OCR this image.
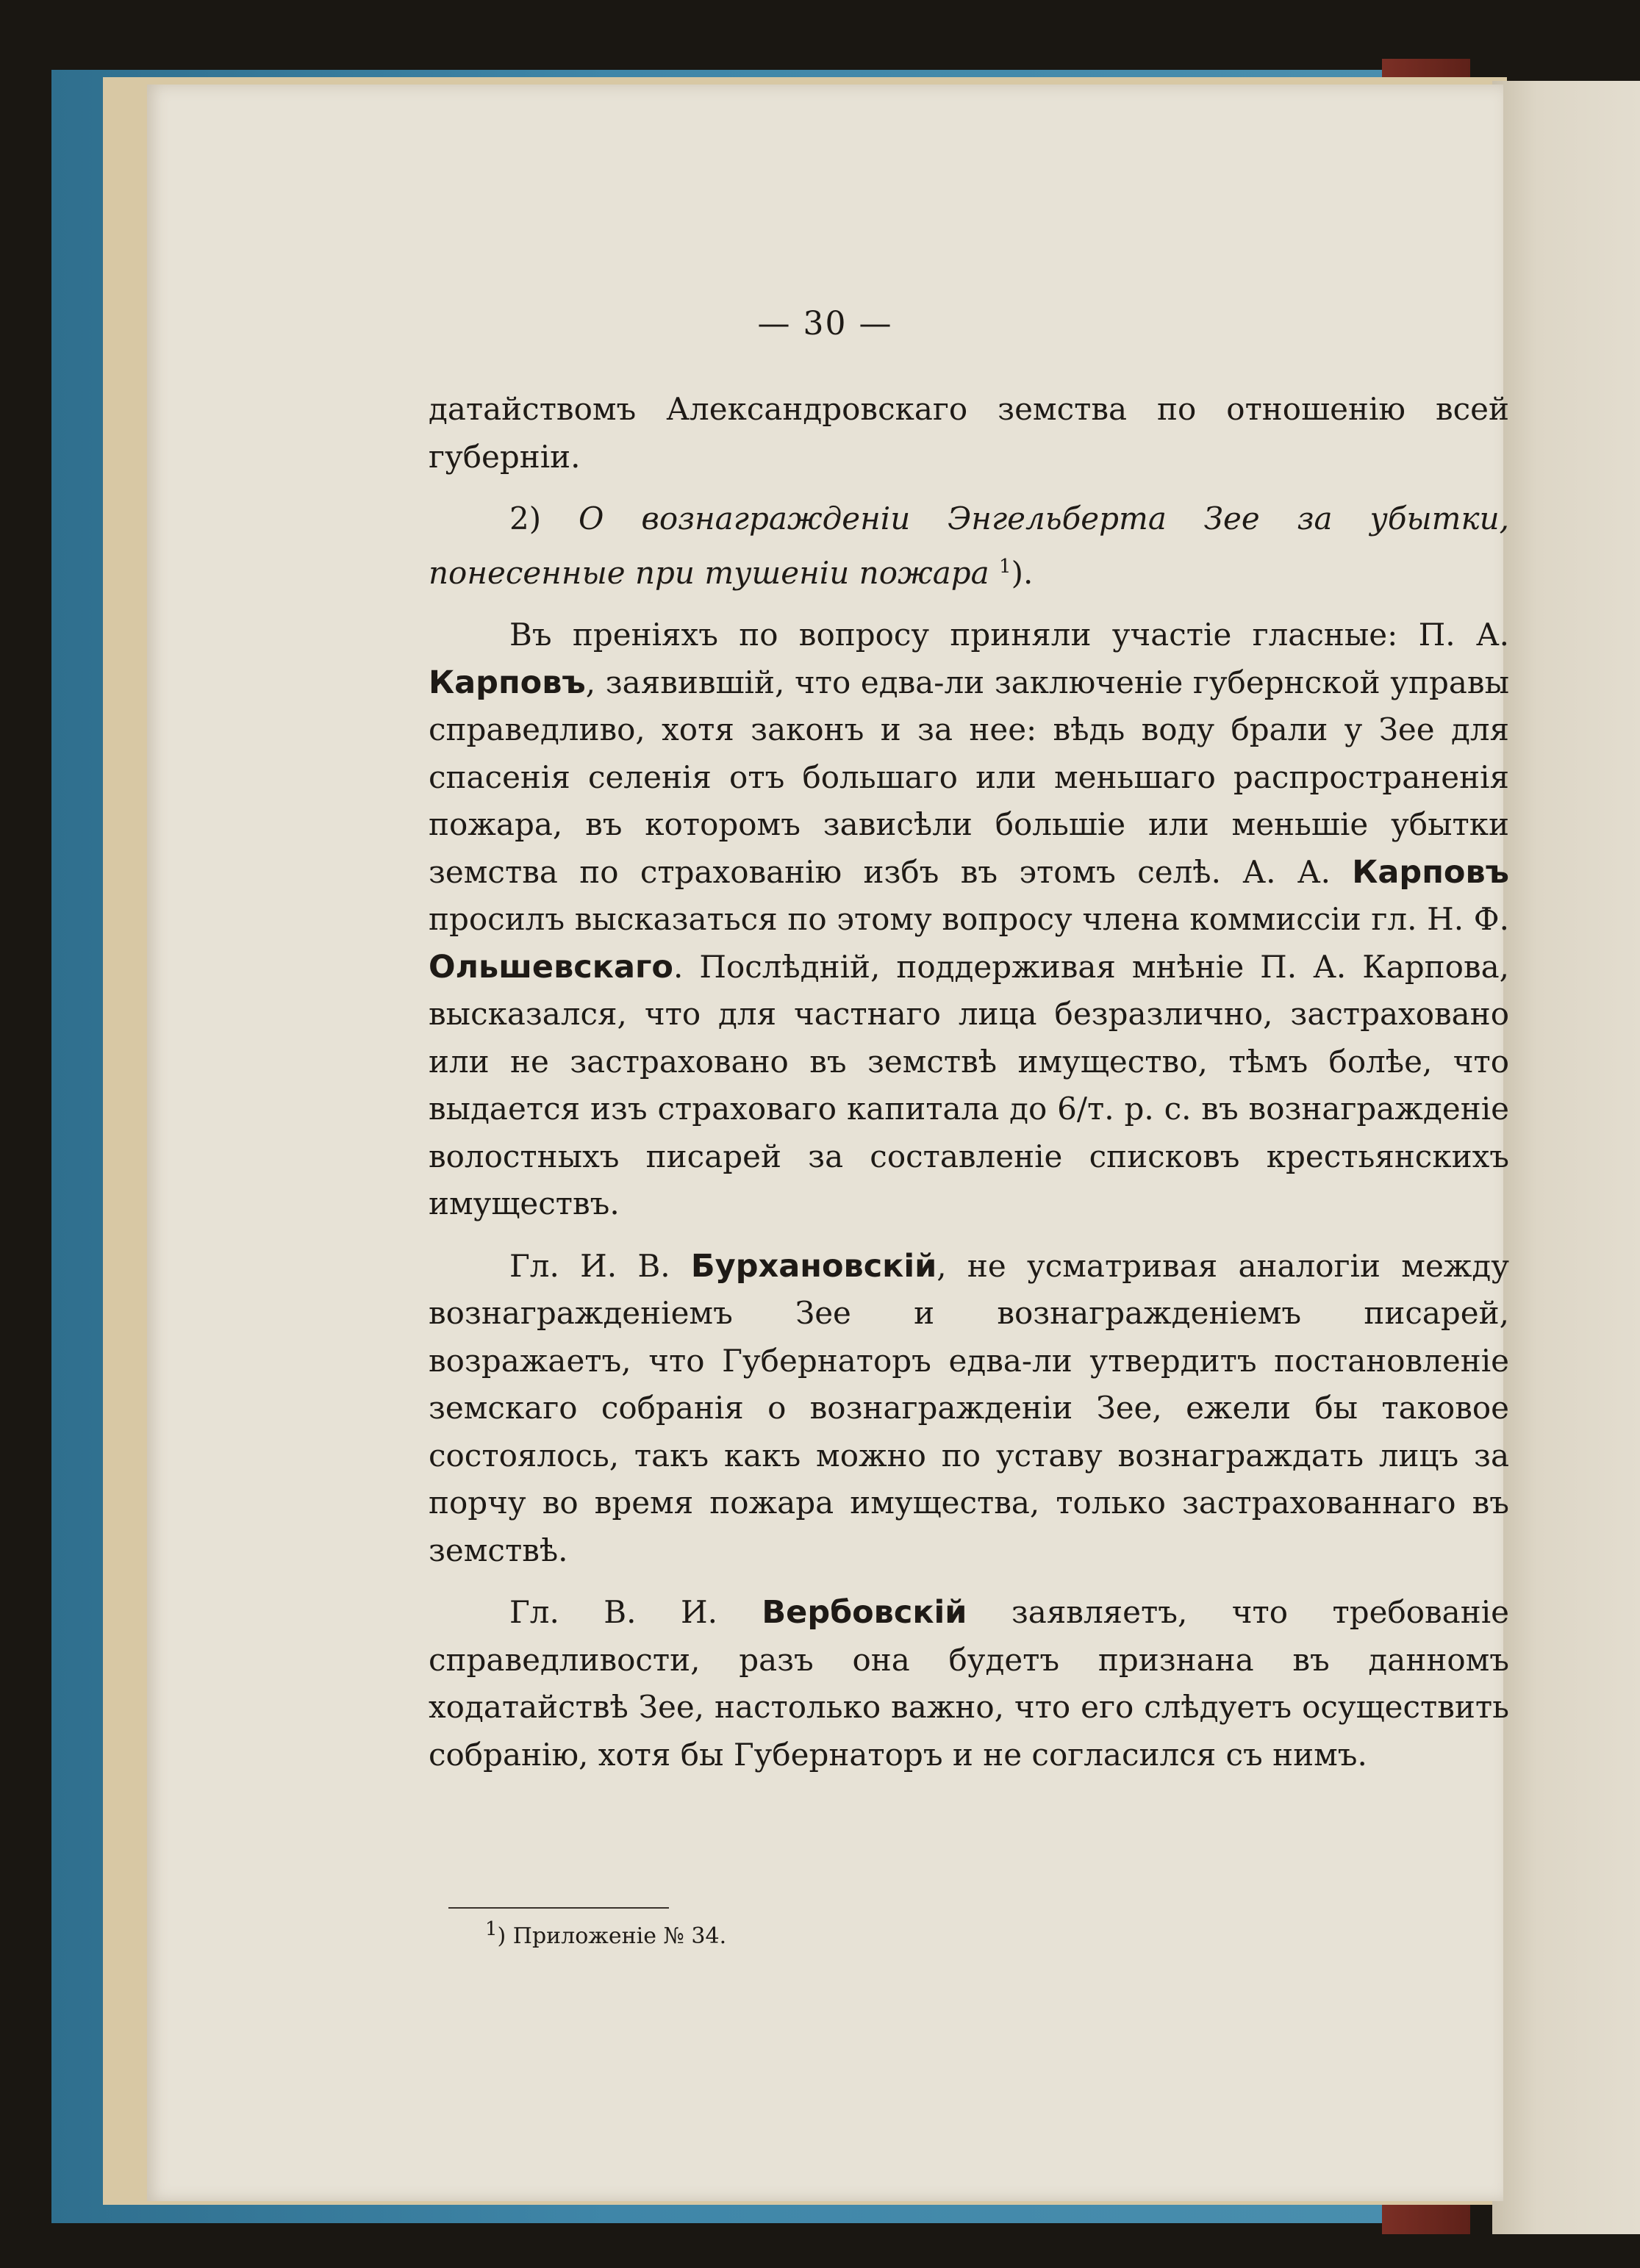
— 30 —

датайствомъ Александровскаго земства по отношенію всей губерніи.

2) О вознагражденіи Энгельберта Зее за убытки, понесенные при тушеніи пожара $^1$).

Въ преніяхъ по вопросу приняли участіе гласные: П. А. Карповъ, заявившій, что едва-ли заключеніе губернской управы справедливо, хотя законъ и за нее: вѣдь воду брали у Зее для спасенія селенія отъ большаго или меньшаго распространенія пожара, въ которомъ зависѣли большіе или меньшіе убытки земства по страхованію избъ въ этомъ селѣ. А. А. Карповъ просилъ высказаться по этому вопросу члена коммиссіи гл. Н. Ф. Ольшевскаго. Послѣдній, поддерживая мнѣніе П. А. Карпова, высказался, что для частнаго лица безразлично, застраховано или не застраховано въ земствѣ имущество, тѣмъ болѣе, что выдается изъ страховаго капитала до 6/т. р. с. въ вознагражденіе волостныхъ писарей за составленіе списковъ крестьянскихъ имуществъ.

Гл. И. В. Бурхановскій, не усматривая аналогіи между вознагражденіемъ Зее и вознагражденіемъ писарей, возражаетъ, что Губернаторъ едва-ли утвердитъ постановленіе земскаго собранія о вознагражденіи Зее, ежели бы таковое состоялось, такъ какъ можно по уставу вознаграждать лицъ за порчу во время пожара имущества, только застрахованнаго въ земствѣ.

Гл. В. И. Вербовскій заявляетъ, что требованіе справедливости, разъ она будетъ признана въ данномъ ходатайствѣ Зее, настолько важно, что его слѣдуетъ осуществить собранію, хотя бы Губернаторъ и не согласился съ нимъ.

$^1$) Приложеніе № 34.
